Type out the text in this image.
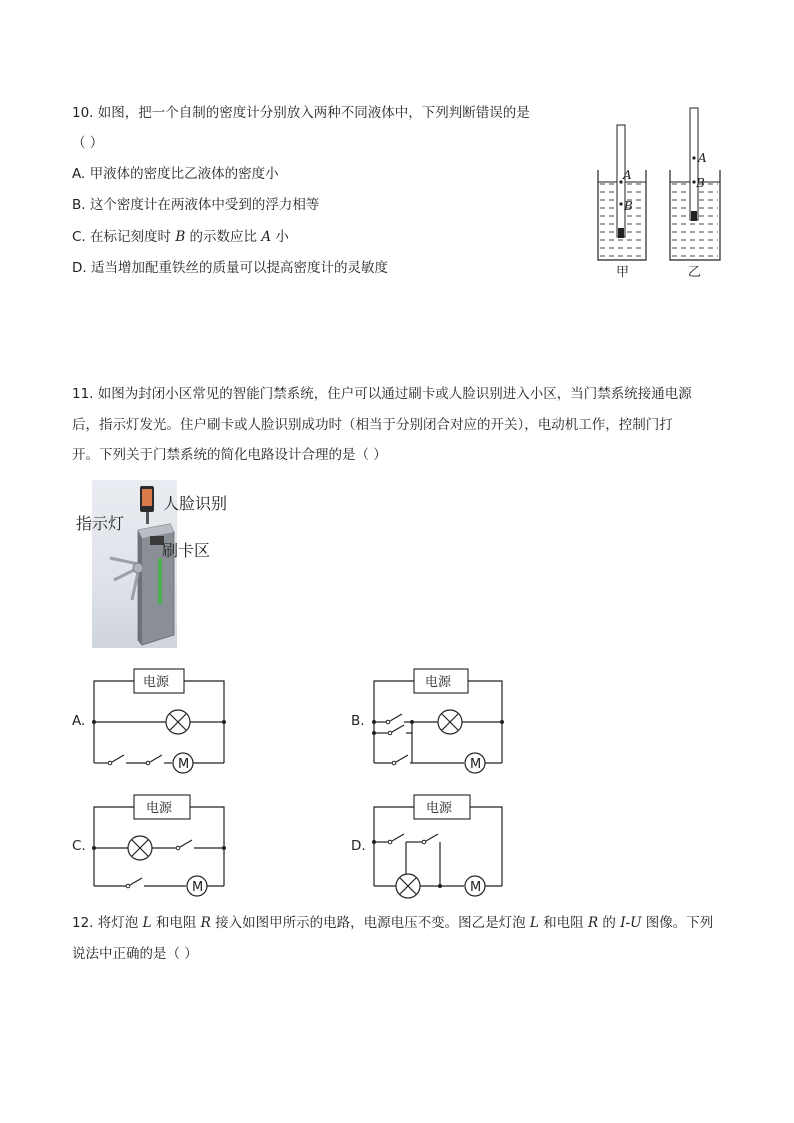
10. 如图，把一个自制的密度计分别放入两种不同液体中，下列判断错误的是
（ ）
A. 甲液体的密度比乙液体的密度小
B. 这个密度计在两液体中受到的浮力相等
C. 在标记刻度时 B 的示数应比 A 小
D. 适当增加配重铁丝的质量可以提高密度计的灵敏度
A
B
甲
A
B
乙
11. 如图为封闭小区常见的智能门禁系统，住户可以通过刷卡或人脸识别进入小区，当门禁系统接通电源
后，指示灯发光。住户刷卡或人脸识别成功时（相当于分别闭合对应的开关），电动机工作，控制门打
开。下列关于门禁系统的简化电路设计合理的是（ ）
人脸识别
指示灯
刷卡区
A.
电源
M
B.
电源
M
C.
电源
M
D.
电源
M
12. 将灯泡 L 和电阻 R 接入如图甲所示的电路，电源电压不变。图乙是灯泡 L 和电阻 R 的 I-U 图像。下列
说法中正确的是（ ）
